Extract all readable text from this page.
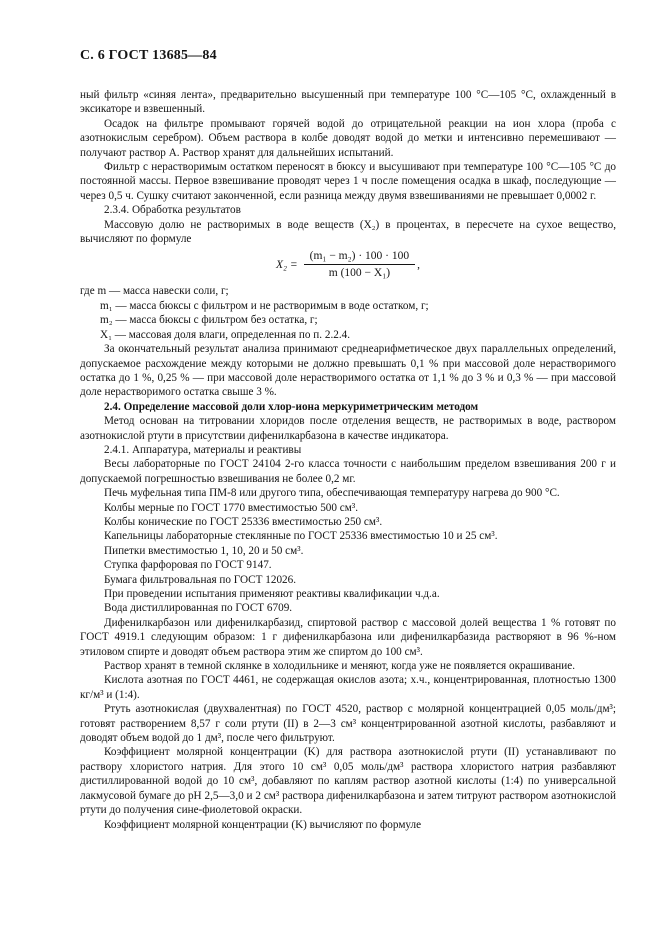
С. 6 ГОСТ 13685—84

ный фильтр «синяя лента», предварительно высушенный при температуре 100 °С—105 °С, охлажденный в эксикаторе и взвешенный.

Осадок на фильтре промывают горячей водой до отрицательной реакции на ион хлора (проба с азотнокислым серебром). Объем раствора в колбе доводят водой до метки и интенсивно перемешивают — получают раствор А. Раствор хранят для дальнейших испытаний.

Фильтр с нерастворимым остатком переносят в бюксу и высушивают при температуре 100 °С—105 °С до постоянной массы. Первое взвешивание проводят через 1 ч после помещения осадка в шкаф, последующие — через 0,5 ч. Сушку считают законченной, если разница между двумя взвешиваниями не превышает 0,0002 г.

2.3.4. Обработка результатов

Массовую долю не растворимых в воде веществ (X₂) в процентах, в пересчете на сухое вещество, вычисляют по формуле

$X_2 = \frac{\text{(m₁ − m₂) · 100 · 100}}{\text{m (100 − X₁)}}$ ,

где m — масса навески соли, г;

m₁ — масса бюксы с фильтром и не растворимым в воде остатком, г;

m₂ — масса бюксы с фильтром без остатка, г;

X₁ — массовая доля влаги, определенная по п. 2.2.4.

За окончательный результат анализа принимают среднеарифметическое двух параллельных определений, допускаемое расхождение между которыми не должно превышать 0,1 % при массовой доле нерастворимого остатка до 1 %, 0,25 % — при массовой доле нерастворимого остатка от 1,1 % до 3 % и 0,3 % — при массовой доле нерастворимого остатка свыше 3 %.

2.4. Определение массовой доли хлор-иона меркуриметрическим методом

Метод основан на титровании хлоридов после отделения веществ, не растворимых в воде, раствором азотнокислой ртути в присутствии дифенилкарбазона в качестве индикатора.

2.4.1. Аппаратура, материалы и реактивы

Весы лабораторные по ГОСТ 24104 2-го класса точности с наибольшим пределом взвешивания 200 г и допускаемой погрешностью взвешивания не более 0,2 мг.

Печь муфельная типа ПМ-8 или другого типа, обеспечивающая температуру нагрева до 900 °С.

Колбы мерные по ГОСТ 1770 вместимостью 500 см³.

Колбы конические по ГОСТ 25336 вместимостью 250 см³.

Капельницы лабораторные стеклянные по ГОСТ 25336 вместимостью 10 и 25 см³.

Пипетки вместимостью 1, 10, 20 и 50 см³.

Ступка фарфоровая по ГОСТ 9147.

Бумага фильтровальная по ГОСТ 12026.

При проведении испытания применяют реактивы квалификации ч.д.а.

Вода дистиллированная по ГОСТ 6709.

Дифенилкарбазон или дифенилкарбазид, спиртовой раствор с массовой долей вещества 1 % готовят по ГОСТ 4919.1 следующим образом: 1 г дифенилкарбазона или дифенилкарбазида растворяют в 96 %-ном этиловом спирте и доводят объем раствора этим же спиртом до 100 см³.

Раствор хранят в темной склянке в холодильнике и меняют, когда уже не появляется окрашивание.

Кислота азотная по ГОСТ 4461, не содержащая окислов азота; х.ч., концентрированная, плотностью 1300 кг/м³ и (1:4).

Ртуть азотнокислая (двухвалентная) по ГОСТ 4520, раствор с молярной концентрацией 0,05 моль/дм³; готовят растворением 8,57 г соли ртути (II) в 2—3 см³ концентрированной азотной кислоты, разбавляют и доводят объем водой до 1 дм³, после чего фильтруют.

Коэффициент молярной концентрации (K) для раствора азотнокислой ртути (II) устанавливают по раствору хлористого натрия. Для этого 10 см³ 0,05 моль/дм³ раствора хлористого натрия разбавляют дистиллированной водой до 10 см³, добавляют по каплям раствор азотной кислоты (1:4) по универсальной лакмусовой бумаге до pH 2,5—3,0 и 2 см³ раствора дифенилкарбазона и затем титруют раствором азотнокислой ртути до получения сине-фиолетовой окраски.

Коэффициент молярной концентрации (K) вычисляют по формуле
